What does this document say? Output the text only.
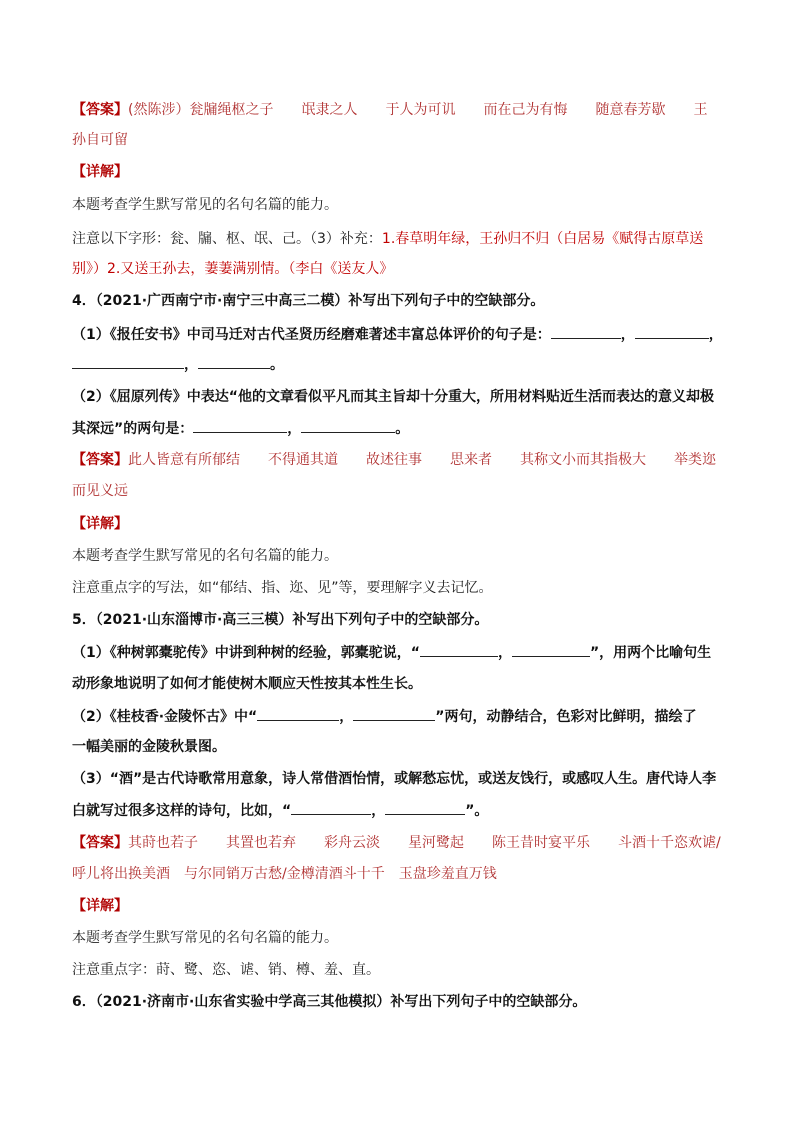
【答案】(然陈涉）瓮牖绳枢之子　　氓隶之人　　于人为可讥　　而在己为有悔　　随意春芳歇　　王
孙自可留
【详解】
本题考查学生默写常见的名句名篇的能力。
注意以下字形：瓮、牖、枢、氓、己。（3）补充：1.春草明年绿，王孙归不归（白居易《赋得古原草送
别》）2.又送王孙去，萋萋满别情。（李白《送友人》
4．（2021·广西南宁市·南宁三中高三二模）补写出下列句子中的空缺部分。
（1）《报任安书》中司马迁对古代圣贤历经磨难著述丰富总体评价的句子是：	，	，
，	。
（2）《屈原列传》中表达“他的文章看似平凡而其主旨却十分重大，所用材料贴近生活而表达的意义却极
其深远”的两句是：	，	。
【答案】此人皆意有所郁结　　不得通其道　　故述往事　　思来者　　其称文小而其指极大　　举类迩
而见义远
【详解】
本题考查学生默写常见的名句名篇的能力。
注意重点字的写法，如“郁结、指、迩、见”等，要理解字义去记忆。
5．（2021·山东淄博市·高三三模）补写出下列句子中的空缺部分。
（1）《种树郭橐驼传》中讲到种树的经验，郭橐驼说，“	，	”，用两个比喻句生
动形象地说明了如何才能使树木顺应天性按其本性生长。
（2）《桂枝香·金陵怀古》中“	，	”两句，动静结合，色彩对比鲜明，描绘了
一幅美丽的金陵秋景图。
（3）“酒”是古代诗歌常用意象，诗人常借酒怡情，或解愁忘忧，或送友饯行，或感叹人生。唐代诗人李
白就写过很多这样的诗句，比如，“	，	”。
【答案】其莳也若子　　其置也若弃　　彩舟云淡　　星河鹭起　　陈王昔时宴平乐　　斗酒十千恣欢谑/
呼儿将出换美酒　与尔同销万古愁/金樽清酒斗十千　玉盘珍羞直万钱
【详解】
本题考查学生默写常见的名句名篇的能力。
注意重点字：莳、鹭、恣、谑、销、樽、羞、直。
6．（2021·济南市·山东省实验中学高三其他模拟）补写出下列句子中的空缺部分。
